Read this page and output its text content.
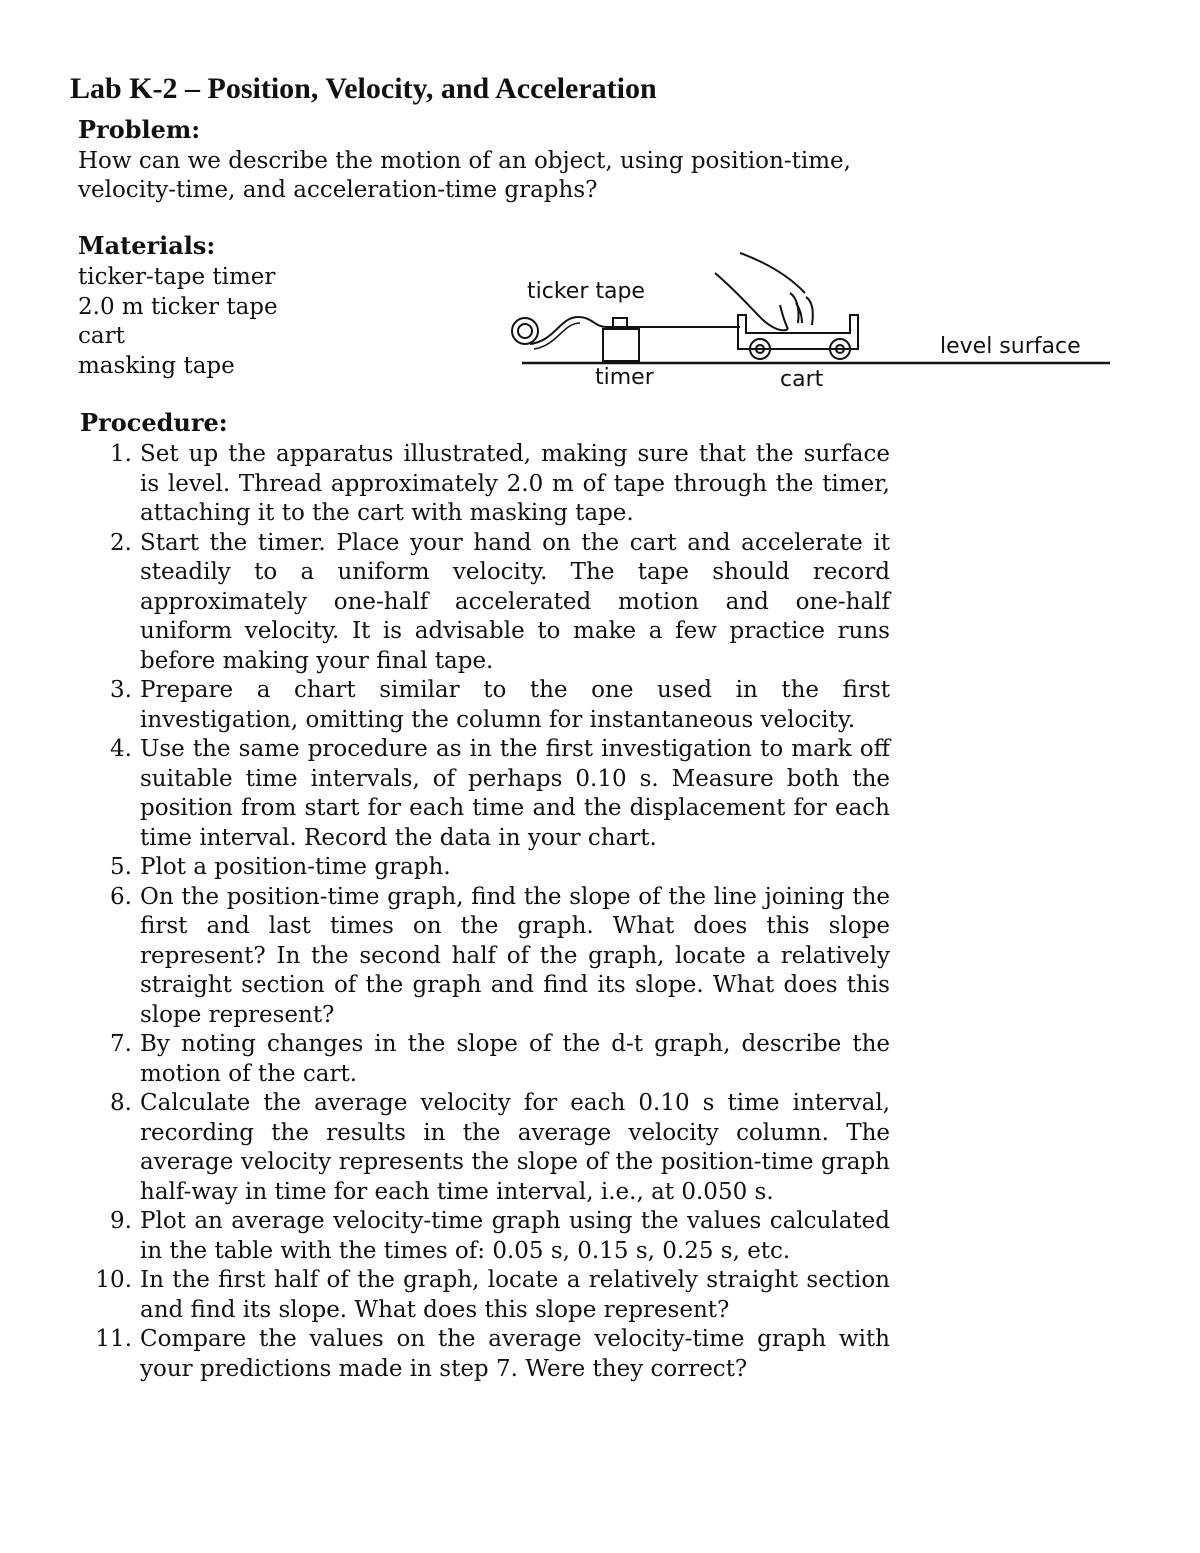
Lab K-2 – Position, Velocity, and Acceleration
Problem:

How can we describe the motion of an object, using position-time, velocity-time, and acceleration-time graphs?

Materials:
ticker-tape timer
2.0 m ticker tape
cart
masking tape
ticker tape
timer	cart
level surface
Procedure:
1. Set up the apparatus illustrated, making sure that the surface is level. Thread approximately 2.0 m of tape through the timer, attaching it to the cart with masking tape.
2. Start the timer. Place your hand on the cart and accelerate it steadily to a uniform velocity. The tape should record approximately one-half accelerated motion and one-half uniform velocity. It is advisable to make a few practice runs before making your final tape.
3. Prepare a chart similar to the one used in the first investigation, omitting the column for instantaneous velocity.
4. Use the same procedure as in the first investigation to mark off suitable time intervals, of perhaps 0.10 s. Measure both the position from start for each time and the displacement for each time interval. Record the data in your chart.
5. Plot a position-time graph.
6. On the position-time graph, find the slope of the line joining the first and last times on the graph. What does this slope represent? In the second half of the graph, locate a relatively straight section of the graph and find its slope. What does this slope represent?
7. By noting changes in the slope of the d-t graph, describe the motion of the cart.
8. Calculate the average velocity for each 0.10 s time interval, recording the results in the average velocity column. The average velocity represents the slope of the position-time graph half-way in time for each time interval, i.e., at 0.050 s.
9. Plot an average velocity-time graph using the values calculated in the table with the times of: 0.05 s, 0.15 s, 0.25 s, etc.
10. In the first half of the graph, locate a relatively straight section and find its slope. What does this slope represent?
11. Compare the values on the average velocity-time graph with your predictions made in step 7. Were they correct?
